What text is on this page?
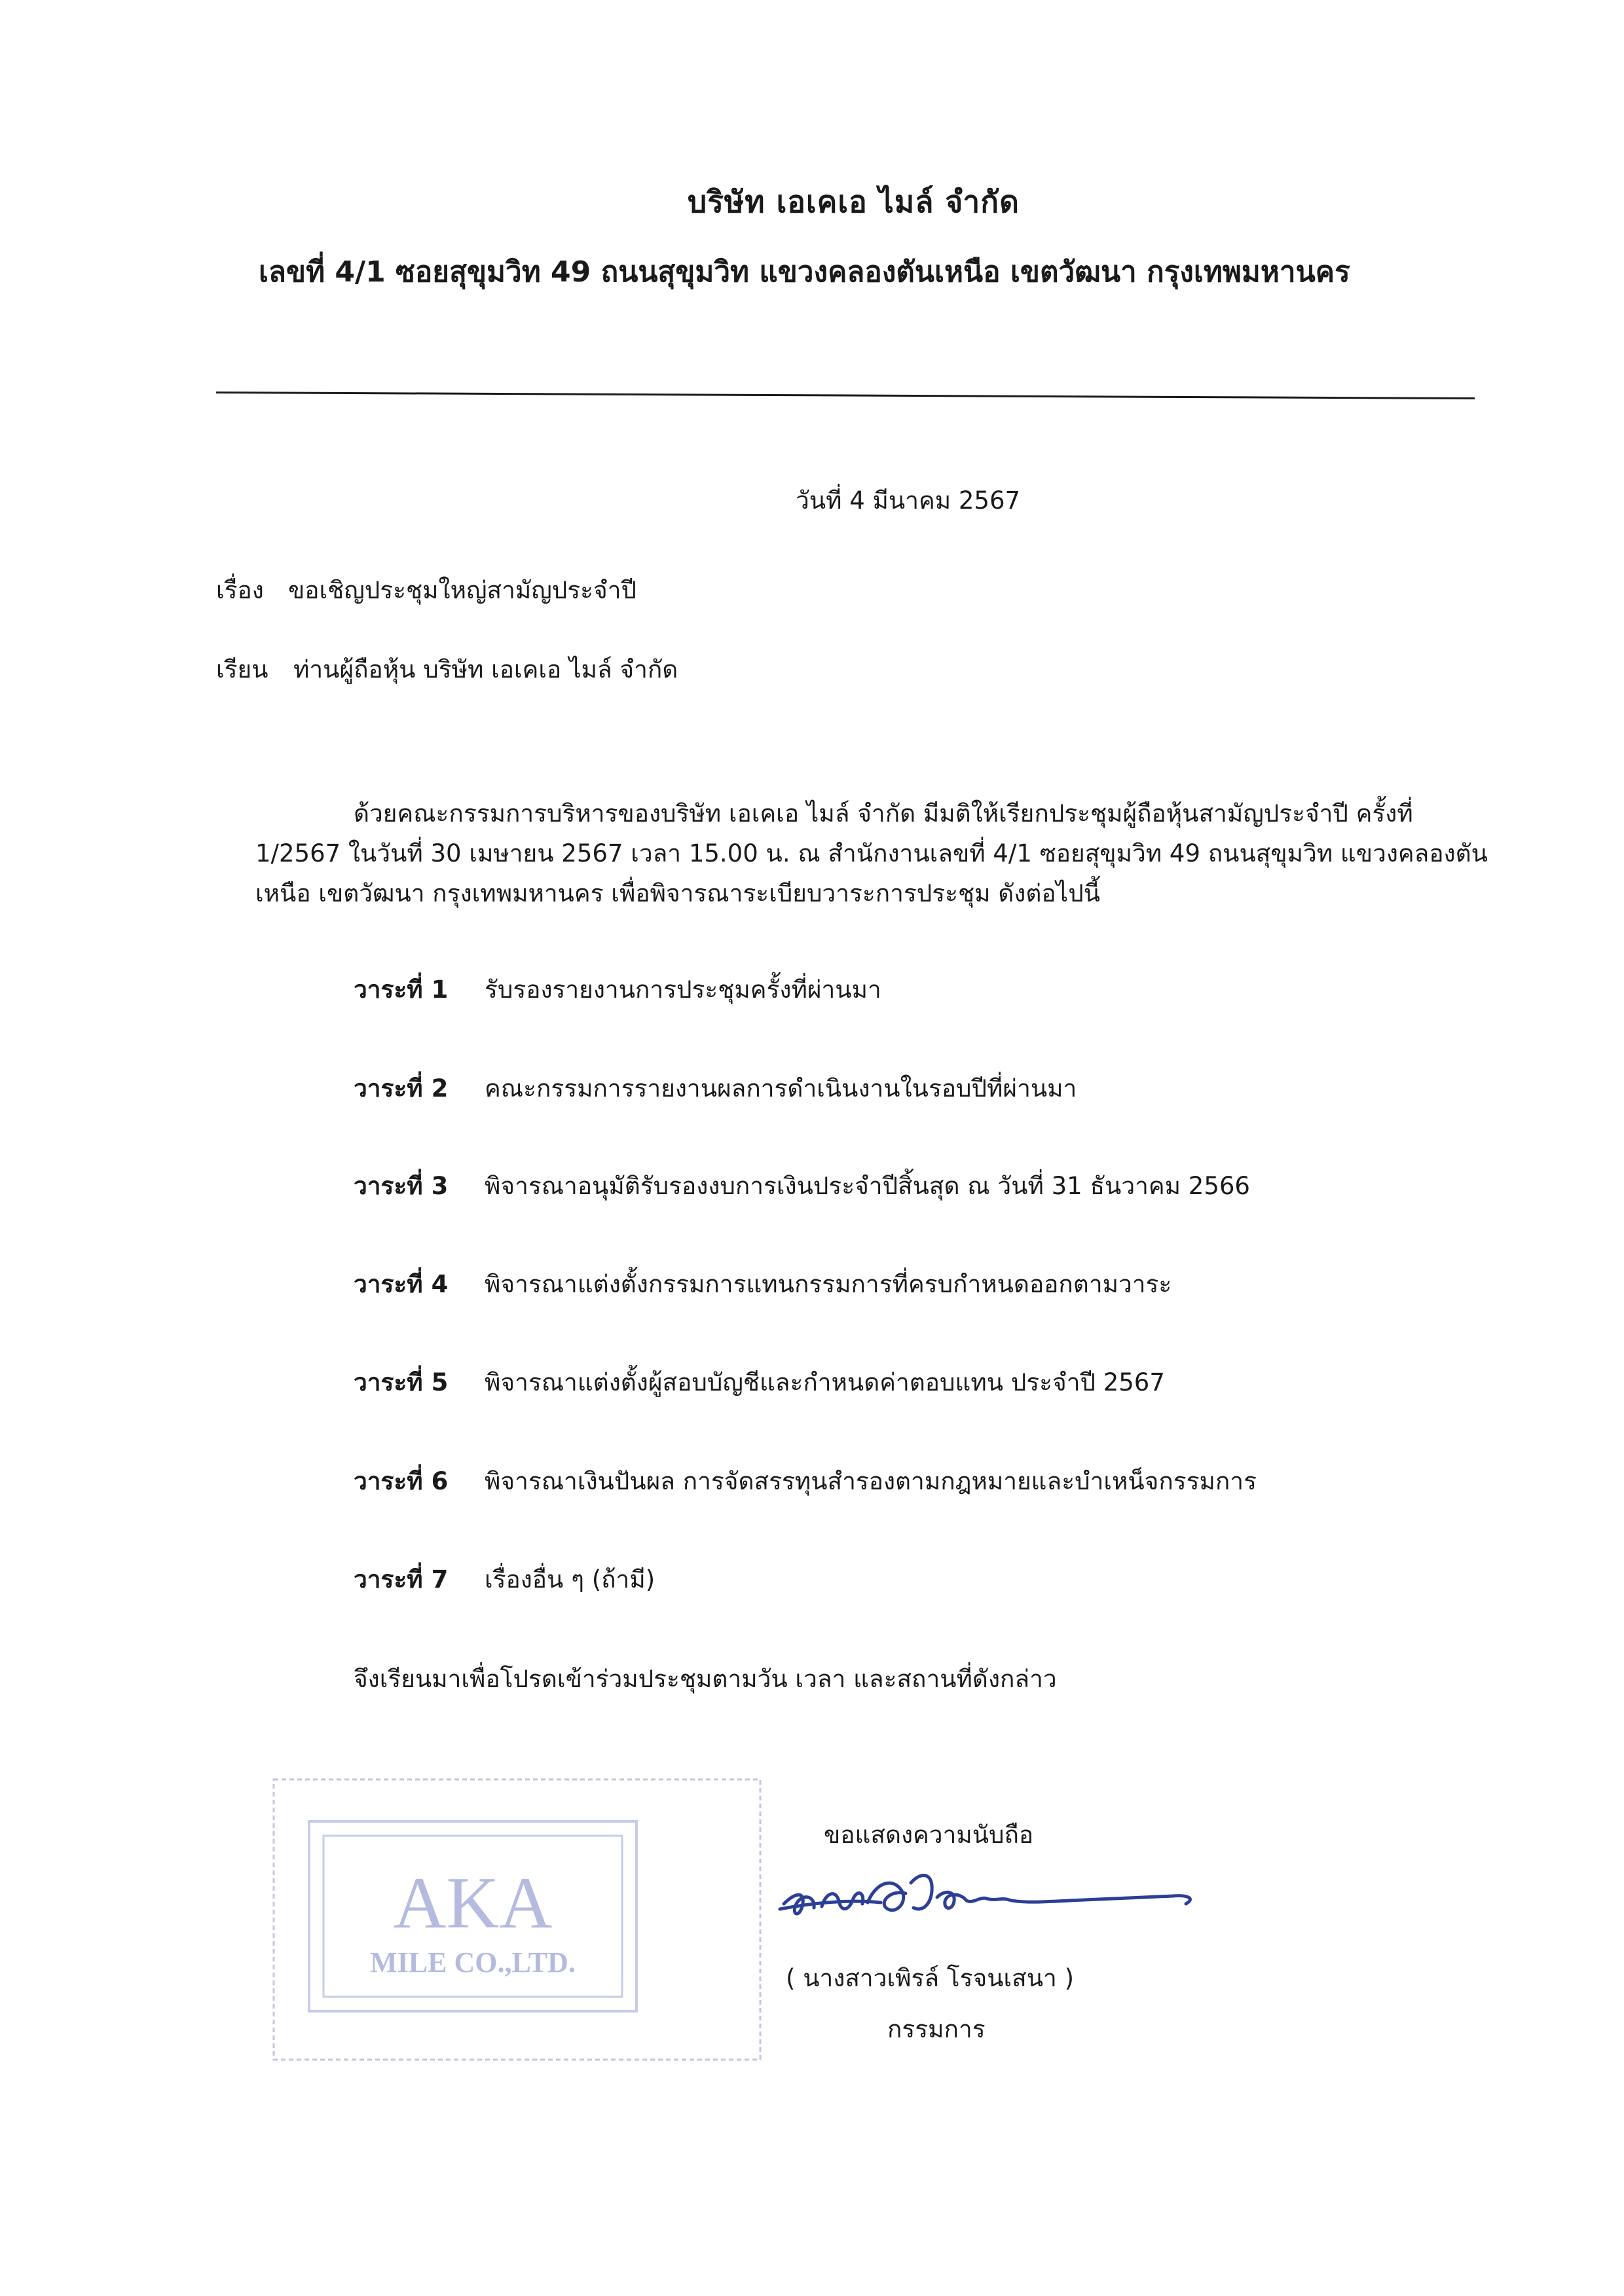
บริษัท เอเคเอ ไมล์ จำกัด
เลขที่ 4/1 ซอยสุขุมวิท 49 ถนนสุขุมวิท แขวงคลองตันเหนือ เขตวัฒนา กรุงเทพมหานคร
วันที่ 4 มีนาคม 2567
เรื่อง ขอเชิญประชุมใหญ่สามัญประจำปี
เรียน ท่านผู้ถือหุ้น บริษัท เอเคเอ ไมล์ จำกัด
ด้วยคณะกรรมการบริหารของบริษัท เอเคเอ ไมล์ จำกัด มีมติให้เรียกประชุมผู้ถือหุ้นสามัญประจำปี ครั้งที่ 1/2567 ในวันที่ 30 เมษายน 2567 เวลา 15.00 น. ณ สำนักงานเลขที่ 4/1 ซอยสุขุมวิท 49 ถนนสุขุมวิท แขวงคลองตันเหนือ เขตวัฒนา กรุงเทพมหานคร เพื่อพิจารณาระเบียบวาระการประชุม ดังต่อไปนี้
วาระที่ 1 รับรองรายงานการประชุมครั้งที่ผ่านมา
วาระที่ 2 คณะกรรมการรายงานผลการดำเนินงานในรอบปีที่ผ่านมา
วาระที่ 3 พิจารณาอนุมัติรับรองงบการเงินประจำปีสิ้นสุด ณ วันที่ 31 ธันวาคม 2566
วาระที่ 4 พิจารณาแต่งตั้งกรรมการแทนกรรมการที่ครบกำหนดออกตามวาระ
วาระที่ 5 พิจารณาแต่งตั้งผู้สอบบัญชีและกำหนดค่าตอบแทน ประจำปี 2567
วาระที่ 6 พิจารณาเงินปันผล การจัดสรรทุนสำรองตามกฎหมายและบำเหน็จกรรมการ
วาระที่ 7 เรื่องอื่น ๆ (ถ้ามี)
จึงเรียนมาเพื่อโปรดเข้าร่วมประชุมตามวัน เวลา และสถานที่ดังกล่าว
AKA
MILE CO.,LTD.
ขอแสดงความนับถือ
( นางสาวเพิรล์ โรจนเสนา )
กรรมการ
